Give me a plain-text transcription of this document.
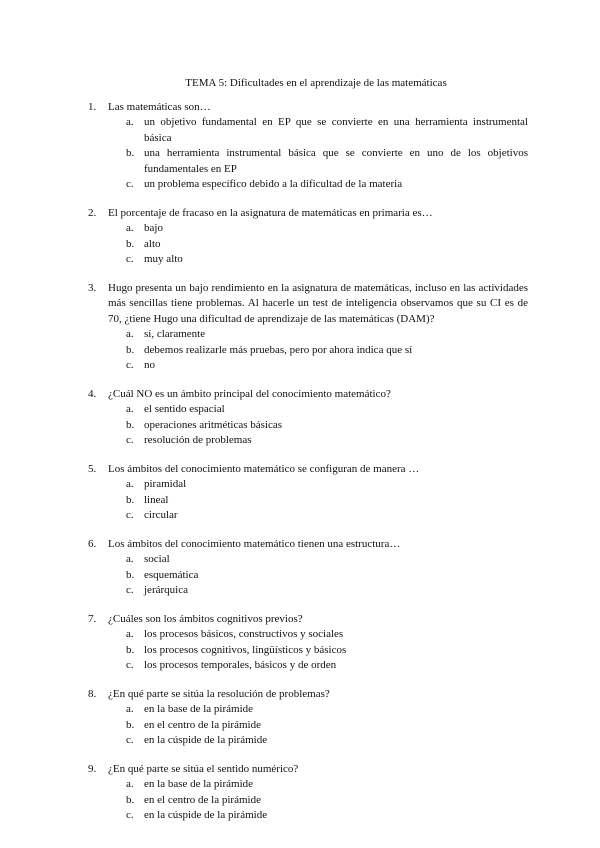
TEMA 5: Dificultades en el aprendizaje de las matemáticas
1. Las matemáticas son…
a. un objetivo fundamental en EP que se convierte en una herramienta instrumental básica
b. una herramienta instrumental básica que se convierte en uno de los objetivos fundamentales en EP
c. un problema específico debido a la dificultad de la materia
2. El porcentaje de fracaso en la asignatura de matemáticas en primaria es…
a. bajo
b. alto
c. muy alto
3. Hugo presenta un bajo rendimiento en la asignatura de matemáticas, incluso en las actividades más sencillas tiene problemas. Al hacerle un test de inteligencia observamos que su CI es de 70, ¿tiene Hugo una dificultad de aprendizaje de las matemáticas (DAM)?
a. sí, claramente
b. debemos realizarle más pruebas, pero por ahora indica que sí
c. no
4. ¿Cuál NO es un ámbito principal del conocimiento matemático?
a. el sentido espacial
b. operaciones aritméticas básicas
c. resolución de problemas
5. Los ámbitos del conocimiento matemático se configuran de manera …
a. piramidal
b. lineal
c. circular
6. Los ámbitos del conocimiento matemático tienen una estructura…
a. social
b. esquemática
c. jerárquica
7. ¿Cuáles son los ámbitos cognitivos previos?
a. los procesos básicos, constructivos y sociales
b. los procesos cognitivos, lingüísticos y básicos
c. los procesos temporales, básicos y de orden
8. ¿En qué parte se sitúa la resolución de problemas?
a. en la base de la pirámide
b. en el centro de la pirámide
c. en la cúspide de la pirámide
9. ¿En qué parte se sitúa el sentido numérico?
a. en la base de la pirámide
b. en el centro de la pirámide
c. en la cúspide de la pirámide
